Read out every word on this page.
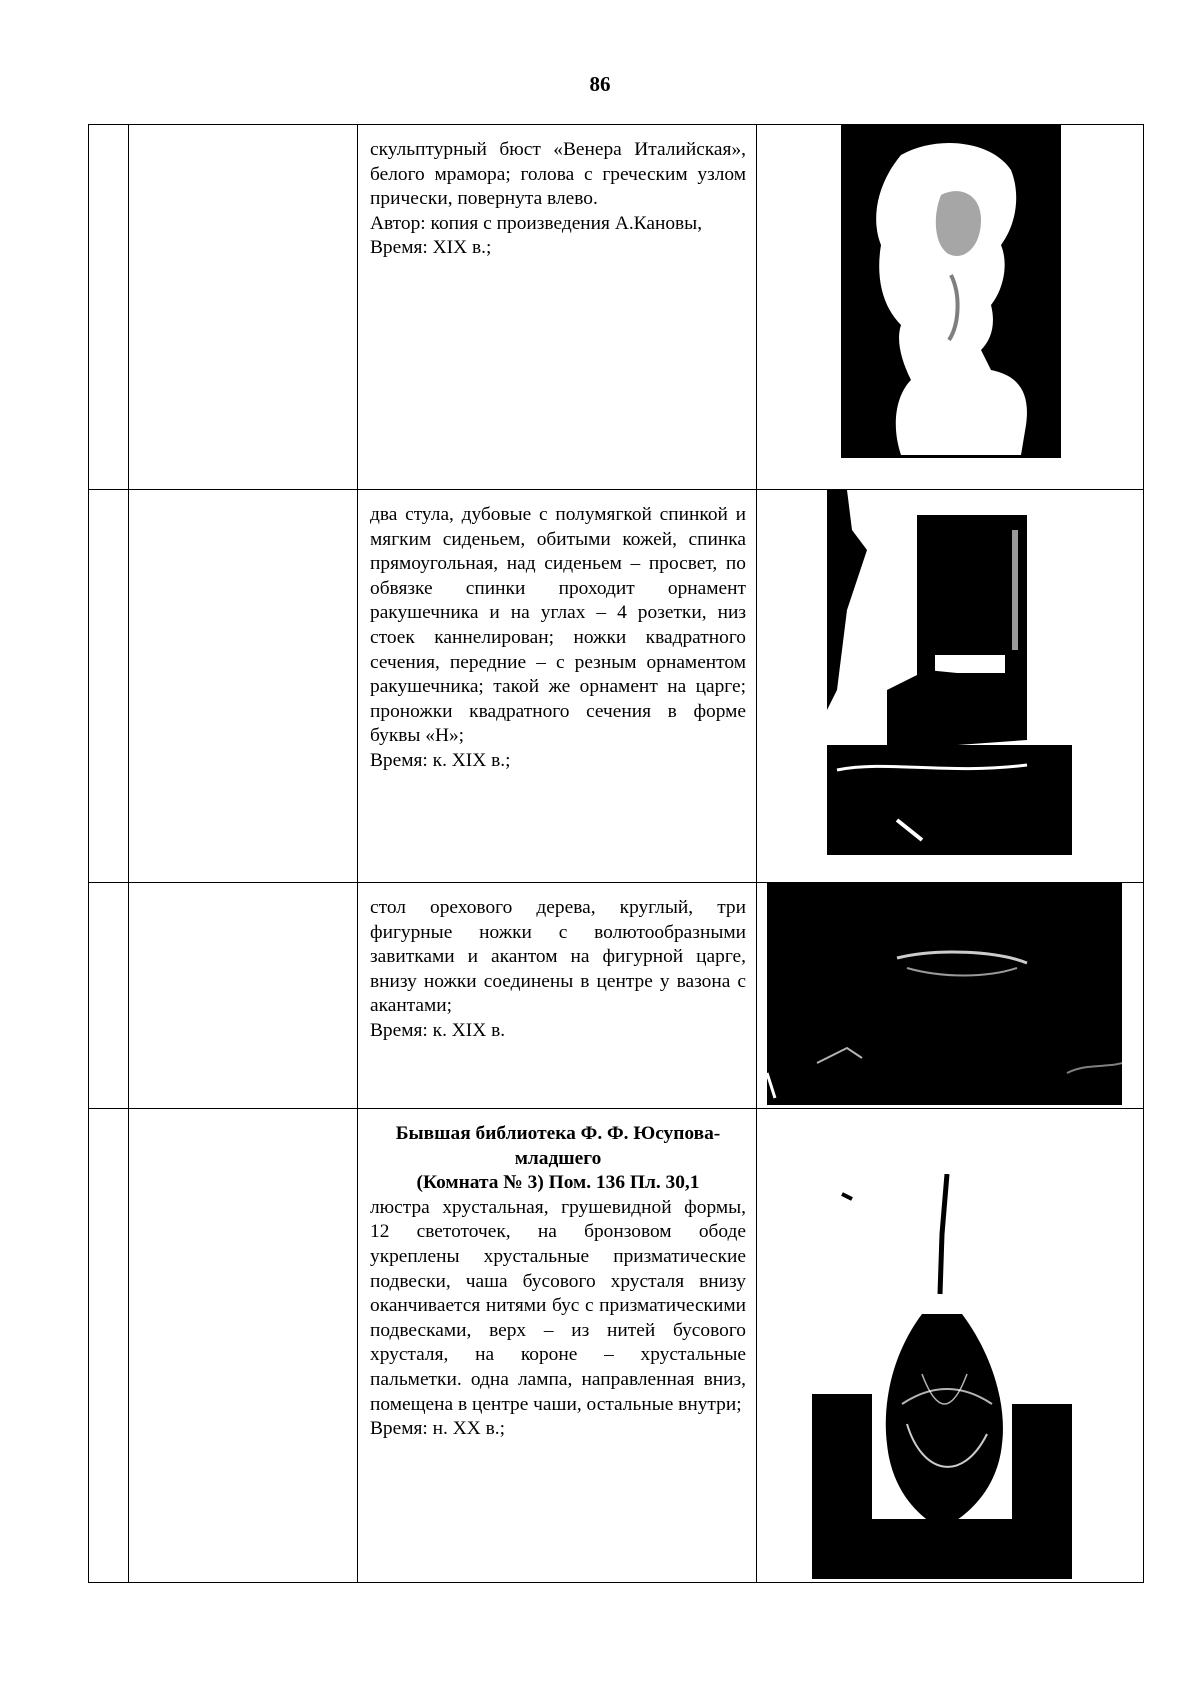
86

		скульптурный бюст «Венера Италийская», белого мрамора; голова с греческим узлом прически, повернута влево.

Автор: копия с произведения А.Кановы,

Время: XIX в.;

		два стула, дубовые с полумягкой спинкой и мягким сиденьем, обитыми кожей, спинка прямоугольная, над сиденьем – просвет, по обвязке спинки проходит орнамент ракушечника и на углах – 4 розетки, низ стоек каннелирован; ножки квадратного сечения, передние – с резным орнаментом ракушечника; такой же орнамент на царге; проножки квадратного сечения в форме буквы «Н»;

Время: к. XIX в.;

		стол орехового дерева, круглый, три фигурные ножки с волютообразными завитками и акантом на фигурной царге, внизу ножки соединены в центре у вазона с акантами;

Время: к. XIX в.

		Бывшая библиотека Ф. Ф. Юсупова-младшего
(Комната № 3) Пом. 136 Пл. 30,1

люстра хрустальная, грушевидной формы, 12 светоточек, на бронзовом ободе укреплены хрустальные призматические подвески, чаша бусового хрусталя внизу оканчивается нитями бус с призматическими подвесками, верх – из нитей бусового хрусталя, на короне – хрустальные пальметки. одна лампа, направленная вниз, помещена в центре чаши, остальные внутри;

Время: н. XX в.;
